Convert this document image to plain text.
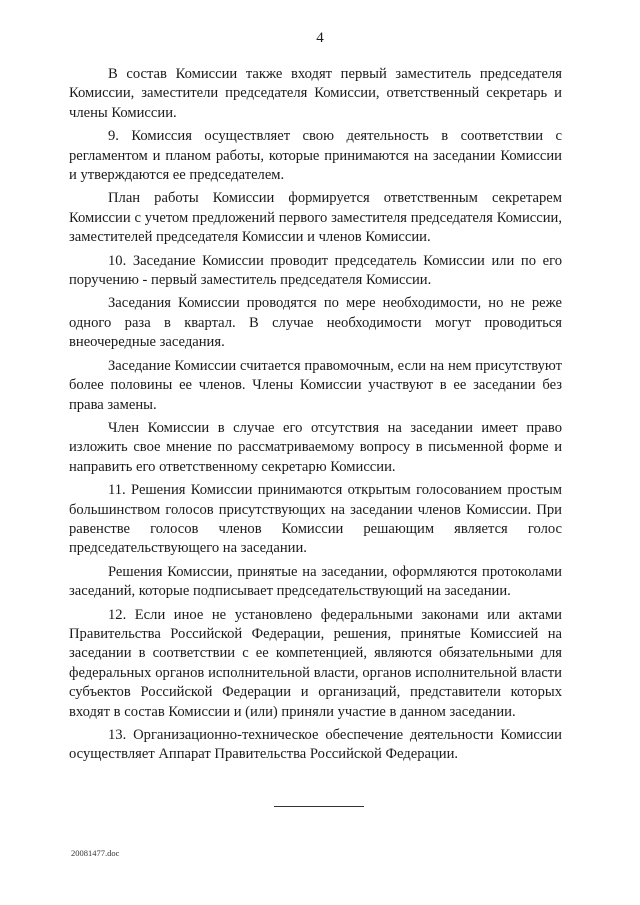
4

В состав Комиссии также входят первый заместитель председателя Комиссии, заместители председателя Комиссии, ответственный секретарь и члены Комиссии.

9. Комиссия осуществляет свою деятельность в соответствии с регламентом и планом работы, которые принимаются на заседании Комиссии и утверждаются ее председателем.

План работы Комиссии формируется ответственным секретарем Комиссии с учетом предложений первого заместителя председателя Комиссии, заместителей председателя Комиссии и членов Комиссии.

10. Заседание Комиссии проводит председатель Комиссии или по его поручению - первый заместитель председателя Комиссии.

Заседания Комиссии проводятся по мере необходимости, но не реже одного раза в квартал. В случае необходимости могут проводиться внеочередные заседания.

Заседание Комиссии считается правомочным, если на нем присутствуют более половины ее членов. Члены Комиссии участвуют в ее заседании без права замены.

Член Комиссии в случае его отсутствия на заседании имеет право изложить свое мнение по рассматриваемому вопросу в письменной форме и направить его ответственному секретарю Комиссии.

11. Решения Комиссии принимаются открытым голосованием простым большинством голосов присутствующих на заседании членов Комиссии. При равенстве голосов членов Комиссии решающим является голос председательствующего на заседании.

Решения Комиссии, принятые на заседании, оформляются протоколами заседаний, которые подписывает председательствующий на заседании.

12. Если иное не установлено федеральными законами или актами Правительства Российской Федерации, решения, принятые Комиссией на заседании в соответствии с ее компетенцией, являются обязательными для федеральных органов исполнительной власти, органов исполнительной власти субъектов Российской Федерации и организаций, представители которых входят в состав Комиссии и (или) приняли участие в данном заседании.

13. Организационно-техническое обеспечение деятельности Комиссии осуществляет Аппарат Правительства Российской Федерации.

20081477.doc
